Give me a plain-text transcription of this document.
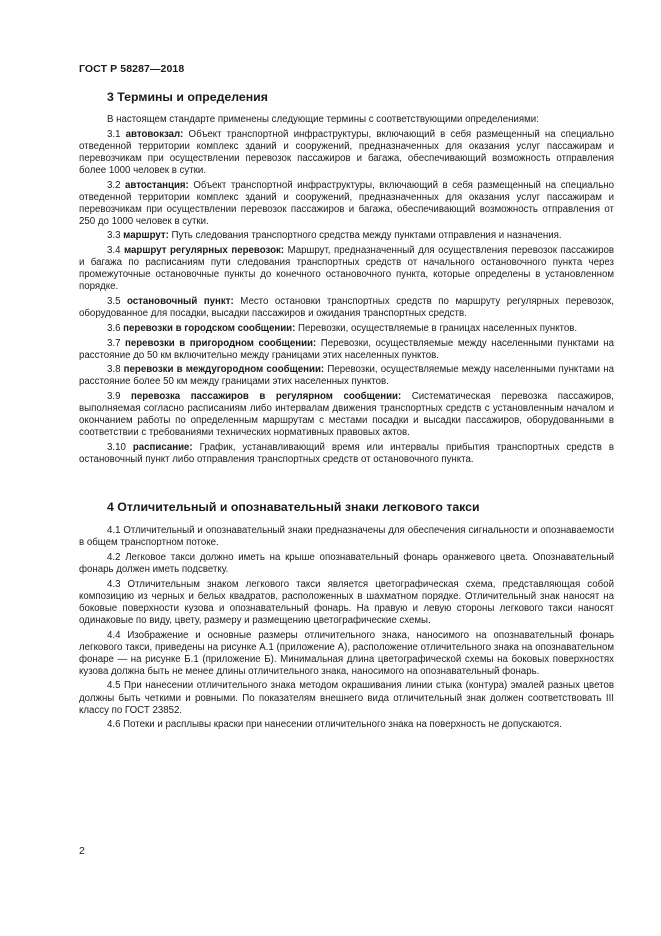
ГОСТ Р 58287—2018
3 Термины и определения

В настоящем стандарте применены следующие термины с соответствующими определениями:

3.1 автовокзал: Объект транспортной инфраструктуры, включающий в себя размещенный на специально отведенной территории комплекс зданий и сооружений, предназначенных для оказания услуг пассажирам и перевозчикам при осуществлении перевозок пассажиров и багажа, обеспечивающий возможность отправления более 1000 человек в сутки.

3.2 автостанция: Объект транспортной инфраструктуры, включающий в себя размещенный на специально отведенной территории комплекс зданий и сооружений, предназначенных для оказания услуг пассажирам и перевозчикам при осуществлении перевозок пассажиров и багажа, обеспечивающий возможность отправления от 250 до 1000 человек в сутки.

3.3 маршрут: Путь следования транспортного средства между пунктами отправления и назначения.

3.4 маршрут регулярных перевозок: Маршрут, предназначенный для осуществления перевозок пассажиров и багажа по расписаниям пути следования транспортных средств от начального остановочного пункта через промежуточные остановочные пункты до конечного остановочного пункта, которые определены в установленном порядке.

3.5 остановочный пункт: Место остановки транспортных средств по маршруту регулярных перевозок, оборудованное для посадки, высадки пассажиров и ожидания транспортных средств.

3.6 перевозки в городском сообщении: Перевозки, осуществляемые в границах населенных пунктов.

3.7 перевозки в пригородном сообщении: Перевозки, осуществляемые между населенными пунктами на расстояние до 50 км включительно между границами этих населенных пунктов.

3.8 перевозки в междугородном сообщении: Перевозки, осуществляемые между населенными пунктами на расстояние более 50 км между границами этих населенных пунктов.

3.9 перевозка пассажиров в регулярном сообщении: Систематическая перевозка пассажиров, выполняемая согласно расписаниям либо интервалам движения транспортных средств с установленным началом и окончанием работы по определенным маршрутам с местами посадки и высадки пассажиров, оборудованными в соответствии с требованиями технических нормативных правовых актов.

3.10 расписание: График, устанавливающий время или интервалы прибытия транспортных средств в остановочный пункт либо отправления транспортных средств от остановочного пункта.

4 Отличительный и опознавательный знаки легкового такси

4.1 Отличительный и опознавательный знаки предназначены для обеспечения сигнальности и опознаваемости в общем транспортном потоке.

4.2 Легковое такси должно иметь на крыше опознавательный фонарь оранжевого цвета. Опознавательный фонарь должен иметь подсветку.

4.3 Отличительным знаком легкового такси является цветографическая схема, представляющая собой композицию из черных и белых квадратов, расположенных в шахматном порядке. Отличительный знак наносят на боковые поверхности кузова и опознавательный фонарь. На правую и левую стороны легкового такси наносят одинаковые по виду, цвету, размеру и размещению цветографические схемы.

4.4 Изображение и основные размеры отличительного знака, наносимого на опознавательный фонарь легкового такси, приведены на рисунке А.1 (приложение А), расположение отличительного знака на опознавательном фонаре — на рисунке Б.1 (приложение Б). Минимальная длина цветографической схемы на боковых поверхностях кузова должна быть не менее длины отличительного знака, наносимого на опознавательный фонарь.

4.5 При нанесении отличительного знака методом окрашивания линии стыка (контура) эмалей разных цветов должны быть четкими и ровными. По показателям внешнего вида отличительный знак должен соответствовать III классу по ГОСТ 23852.

4.6 Потеки и расплывы краски при нанесении отличительного знака на поверхность не допускаются.

2
